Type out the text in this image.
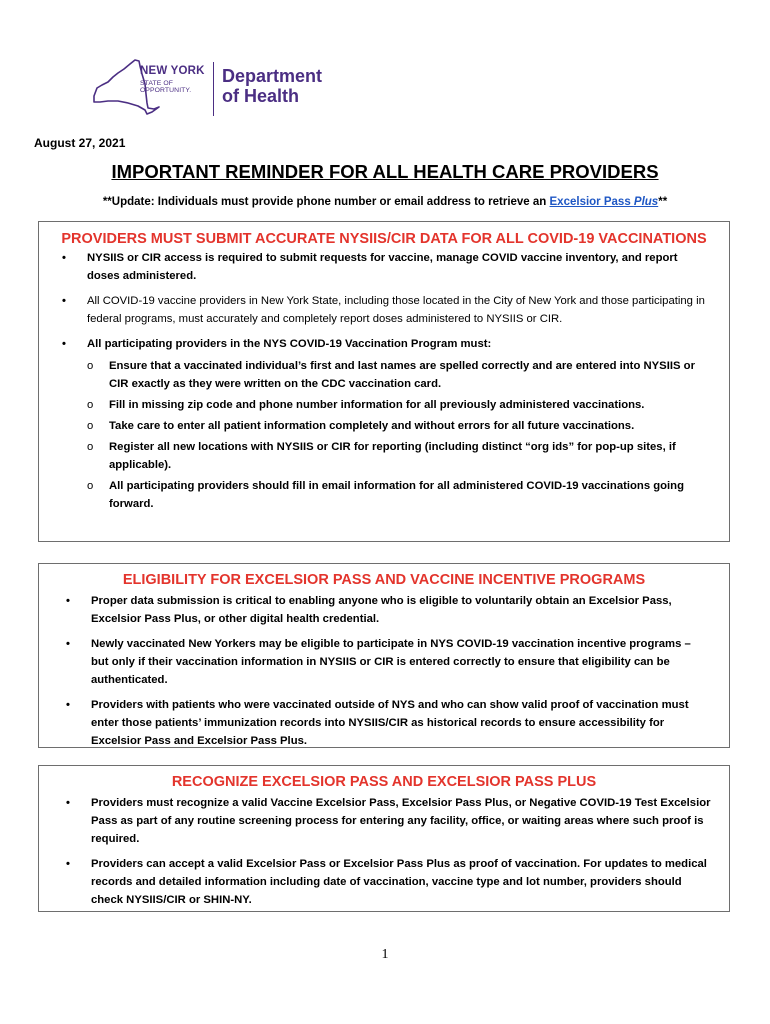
NEW YORK
STATE OF
OPPORTUNITY.
Department
of Health
August 27, 2021
IMPORTANT REMINDER FOR ALL HEALTH CARE PROVIDERS
**Update: Individuals must provide phone number or email address to retrieve an Excelsior Pass Plus**
PROVIDERS MUST SUBMIT ACCURATE NYSIIS/CIR DATA FOR ALL COVID-19 VACCINATIONS
• NYSIIS or CIR access is required to submit requests for vaccine, manage COVID vaccine inventory, and report doses administered.
• All COVID-19 vaccine providers in New York State, including those located in the City of New York and those participating in federal programs, must accurately and completely report doses administered to NYSIIS or CIR.
• All participating providers in the NYS COVID-19 Vaccination Program must:
o Ensure that a vaccinated individual’s first and last names are spelled correctly and are entered into NYSIIS or CIR exactly as they were written on the CDC vaccination card.
o Fill in missing zip code and phone number information for all previously administered vaccinations.
o Take care to enter all patient information completely and without errors for all future vaccinations.
o Register all new locations with NYSIIS or CIR for reporting (including distinct “org ids” for pop-up sites, if applicable).
o All participating providers should fill in email information for all administered COVID-19 vaccinations going forward.
ELIGIBILITY FOR EXCELSIOR PASS AND VACCINE INCENTIVE PROGRAMS
• Proper data submission is critical to enabling anyone who is eligible to voluntarily obtain an Excelsior Pass, Excelsior Pass Plus, or other digital health credential.
• Newly vaccinated New Yorkers may be eligible to participate in NYS COVID-19 vaccination incentive programs – but only if their vaccination information in NYSIIS or CIR is entered correctly to ensure that eligibility can be authenticated.
• Providers with patients who were vaccinated outside of NYS and who can show valid proof of vaccination must enter those patients’ immunization records into NYSIIS/CIR as historical records to ensure accessibility for Excelsior Pass and Excelsior Pass Plus.
RECOGNIZE EXCELSIOR PASS AND EXCELSIOR PASS PLUS
• Providers must recognize a valid Vaccine Excelsior Pass, Excelsior Pass Plus, or Negative COVID-19 Test Excelsior Pass as part of any routine screening process for entering any facility, office, or waiting areas where such proof is required.
• Providers can accept a valid Excelsior Pass or Excelsior Pass Plus as proof of vaccination. For updates to medical records and detailed information including date of vaccination, vaccine type and lot number, providers should check NYSIIS/CIR or SHIN-NY.
1
